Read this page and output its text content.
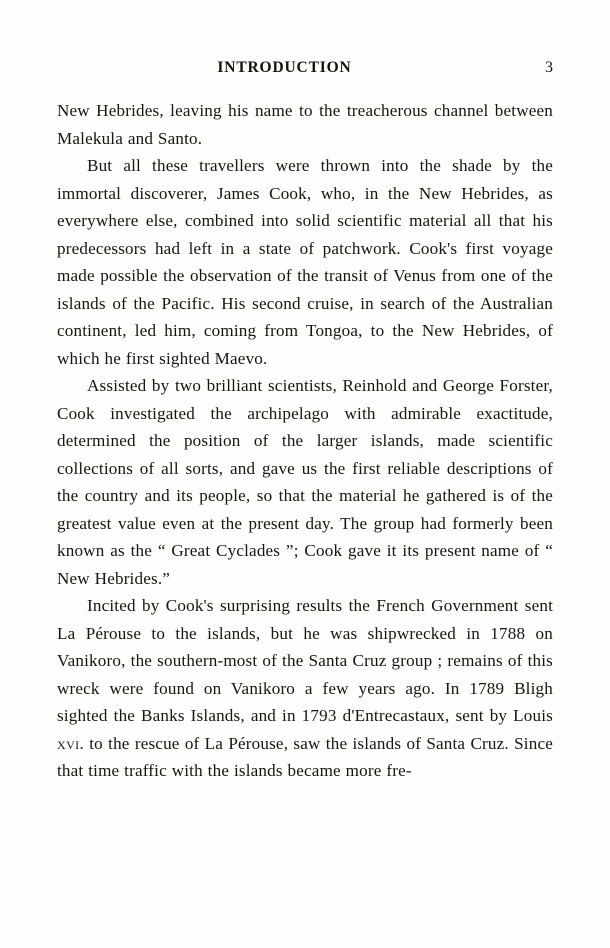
INTRODUCTION	3

New Hebrides, leaving his name to the treacherous channel between Malekula and Santo.

But all these travellers were thrown into the shade by the immortal discoverer, James Cook, who, in the New Hebrides, as everywhere else, combined into solid scientific material all that his predecessors had left in a state of patchwork. Cook's first voyage made possible the observation of the transit of Venus from one of the islands of the Pacific. His second cruise, in search of the Australian continent, led him, coming from Tongoa, to the New Hebrides, of which he first sighted Maevo.

Assisted by two brilliant scientists, Reinhold and George Forster, Cook investigated the archipelago with admirable exactitude, determined the position of the larger islands, made scientific collections of all sorts, and gave us the first reliable descriptions of the country and its people, so that the material he gathered is of the greatest value even at the present day. The group had formerly been known as the “ Great Cyclades ”; Cook gave it its present name of “ New Hebrides.”

Incited by Cook's surprising results the French Government sent La Pérouse to the islands, but he was shipwrecked in 1788 on Vanikoro, the southern-most of the Santa Cruz group ; remains of this wreck were found on Vanikoro a few years ago. In 1789 Bligh sighted the Banks Islands, and in 1793 d'Entrecastaux, sent by Louis xvi. to the rescue of La Pérouse, saw the islands of Santa Cruz. Since that time traffic with the islands became more fre-
